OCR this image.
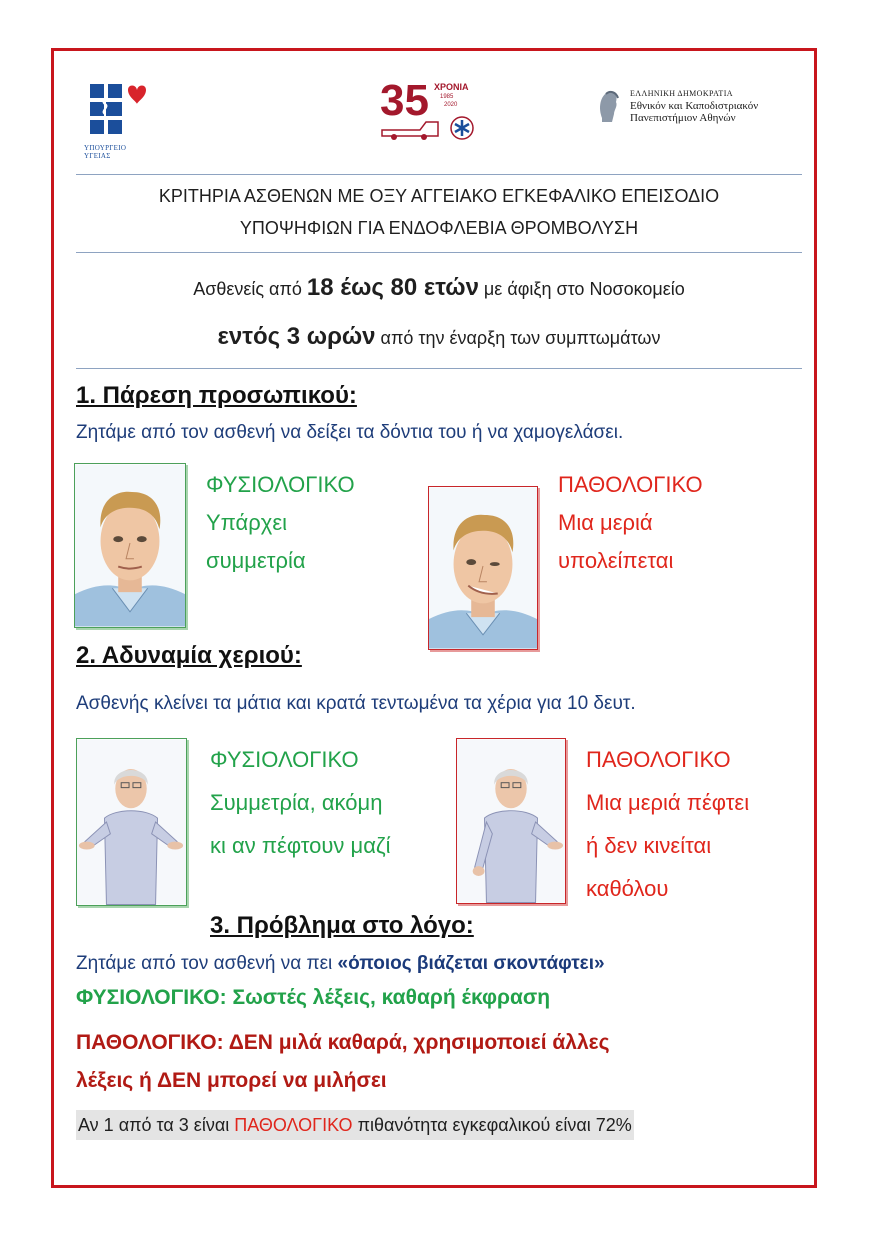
ΥΠΟΥΡΓΕΙΟ ΥΓΕΙΑΣ
35 ΧΡΟΝΙΑ
1985
2020
ΕΛΛΗΝΙΚΗ ΔΗΜΟΚΡΑΤΙΑ
Εθνικόν και Καποδιστριακόν
Πανεπιστήμιον Αθηνών
ΚΡΙΤΗΡΙΑ ΑΣΘΕΝΩΝ ΜΕ ΟΞΥ ΑΓΓΕΙΑΚΟ ΕΓΚΕΦΑΛΙΚΟ ΕΠΕΙΣΟΔΙΟ
ΥΠΟΨΗΦΙΩΝ ΓΙΑ ΕΝΔΟΦΛΕΒΙΑ ΘΡΟΜΒΟΛΥΣΗ
Ασθενείς από 18 έως 80 ετών με άφιξη στο Νοσοκομείο
εντός 3 ωρών από την έναρξη των συμπτωμάτων
1. Πάρεση προσωπικού:
Ζητάμε από τον ασθενή να δείξει τα δόντια του ή να χαμογελάσει.
ΦΥΣΙΟΛΟΓΙΚΟ
Υπάρχει
συμμετρία
ΠΑΘΟΛΟΓΙΚΟ
Μια μεριά
υπολείπεται
2. Αδυναμία χεριού:
Ασθενής κλείνει τα μάτια και κρατά τεντωμένα τα χέρια για 10 δευτ.
ΦΥΣΙΟΛΟΓΙΚΟ
Συμμετρία, ακόμη
κι αν πέφτουν μαζί
ΠΑΘΟΛΟΓΙΚΟ
Μια μεριά πέφτει
ή δεν κινείται
καθόλου
3. Πρόβλημα στο λόγο:
Ζητάμε από τον ασθενή να πει «όποιος βιάζεται σκοντάφτει»
ΦΥΣΙΟΛΟΓΙΚΟ: Σωστές λέξεις, καθαρή έκφραση
ΠΑΘΟΛΟΓΙΚΟ: ΔΕΝ μιλά καθαρά, χρησιμοποιεί άλλες
λέξεις ή ΔΕΝ μπορεί να μιλήσει
Αν 1 από τα 3 είναι ΠΑΘΟΛΟΓΙΚΟ πιθανότητα εγκεφαλικού είναι 72%
